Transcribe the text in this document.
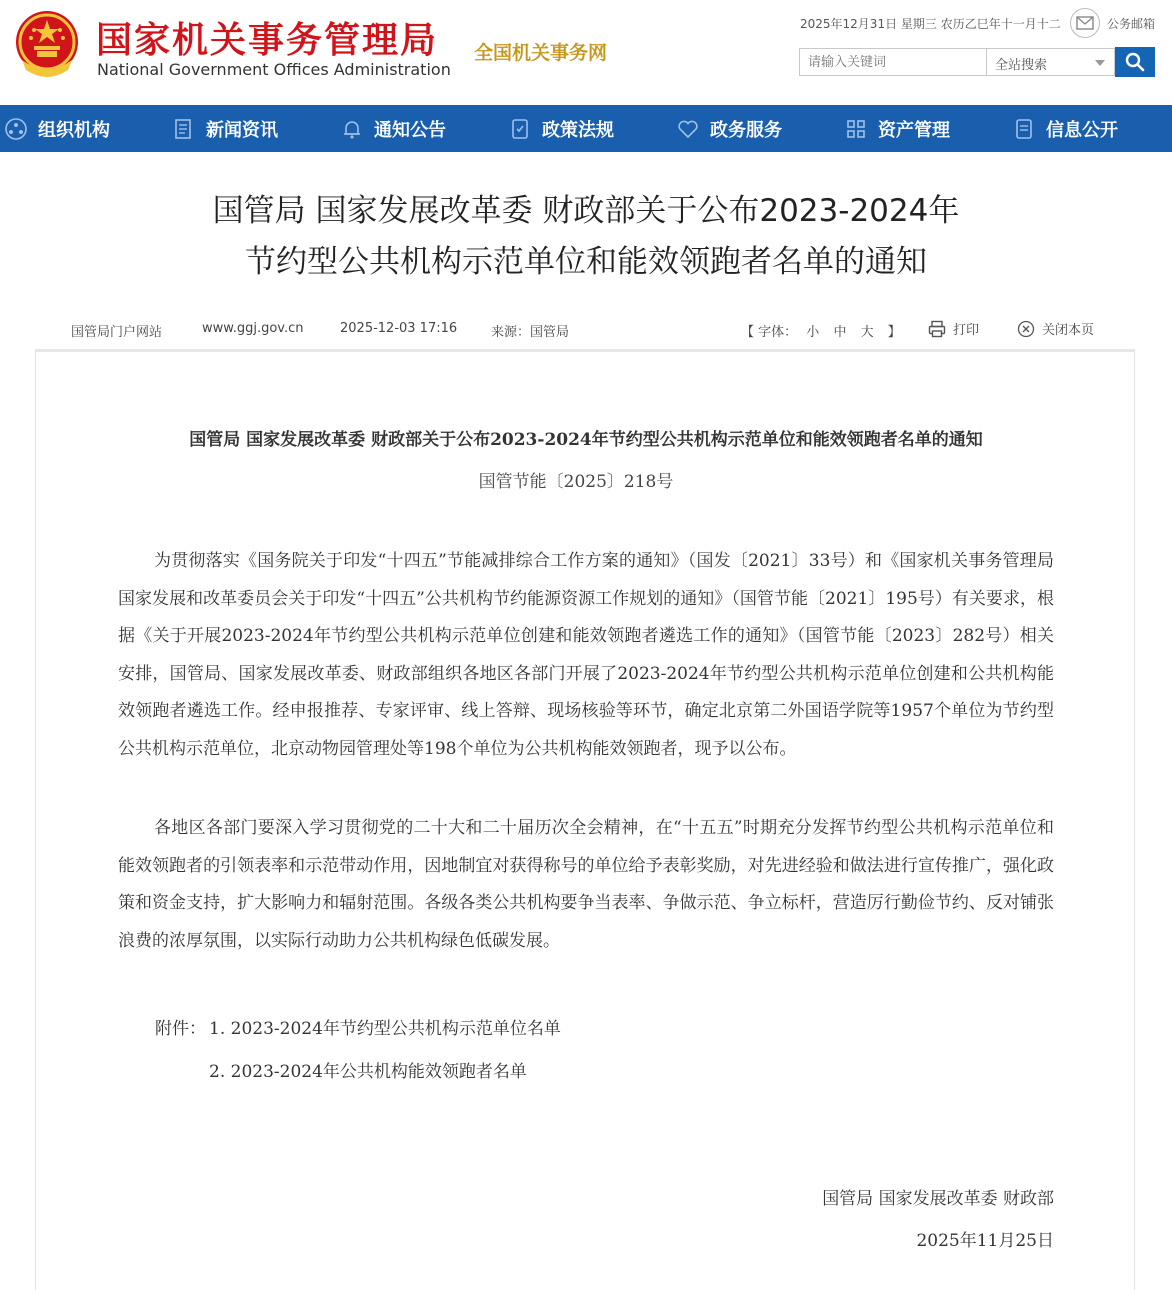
国家机关事务管理局
National Government Offices Administration
全国机关事务网
2025年12月31日 星期三 农历乙巳年十一月十二	公务邮箱
请输入关键词
全站搜索
组织机构	新闻资讯	通知公告	政策法规	政务服务	资产管理	信息公开
国管局 国家发展改革委 财政部关于公布2023-2024年
节约型公共机构示范单位和能效领跑者名单的通知
国管局门户网站	www.ggj.gov.cn	2025-12-03 17:16	来源：国管局	【 字体： 小 中 大 】	打印	关闭本页
国管局 国家发展改革委 财政部关于公布2023-2024年节约型公共机构示范单位和能效领跑者名单的通知
国管节能〔2025〕218号
为贯彻落实《国务院关于印发“十四五”节能减排综合工作方案的通知》（国发〔2021〕33号）和《国家机关事务管理局 国家发展和改革委员会关于印发“十四五”公共机构节约能源资源工作规划的通知》（国管节能〔2021〕195号）有关要求，根据《关于开展2023-2024年节约型公共机构示范单位创建和能效领跑者遴选工作的通知》（国管节能〔2023〕282号）相关安排，国管局、国家发展改革委、财政部组织各地区各部门开展了2023-2024年节约型公共机构示范单位创建和公共机构能效领跑者遴选工作。经申报推荐、专家评审、线上答辩、现场核验等环节，确定北京第二外国语学院等1957个单位为节约型公共机构示范单位，北京动物园管理处等198个单位为公共机构能效领跑者，现予以公布。
各地区各部门要深入学习贯彻党的二十大和二十届历次全会精神，在“十五五”时期充分发挥节约型公共机构示范单位和能效领跑者的引领表率和示范带动作用，因地制宜对获得称号的单位给予表彰奖励，对先进经验和做法进行宣传推广，强化政策和资金支持，扩大影响力和辐射范围。各级各类公共机构要争当表率、争做示范、争立标杆，营造厉行勤俭节约、反对铺张浪费的浓厚氛围，以实际行动助力公共机构绿色低碳发展。
附件： 1. 2023-2024年节约型公共机构示范单位名单
2. 2023-2024年公共机构能效领跑者名单
国管局 国家发展改革委 财政部
2025年11月25日
